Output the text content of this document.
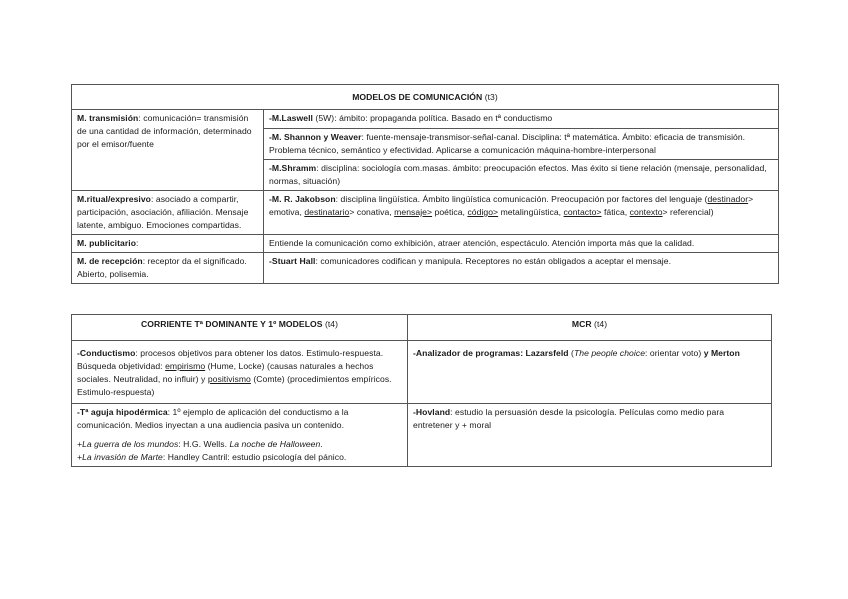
MODELOS DE COMUNICACIÓN (t3)	
M. transmisión: comunicación= transmisión de una cantidad de información, determinado por el emisor/fuente	-M.Laswell (5W): ámbito: propaganda política. Basado en tª conductismo
	-M. Shannon y Weaver: fuente-mensaje-transmisor-señal-canal. Disciplina: tª matemática. Ámbito: eficacia de transmisión. Problema técnico, semántico y efectividad. Aplicarse a comunicación máquina-hombre-interpersonal
	-M.Shramm: disciplina: sociología com.masas. ámbito: preocupación efectos. Mas éxito si tiene relación (mensaje, personalidad, normas, situación)
M.ritual/expresivo: asociado a compartir, participación, asociación, afiliación. Mensaje latente, ambiguo. Emociones compartidas.	-M. R. Jakobson: disciplina lingüística. Ámbito lingüística comunicación. Preocupación por factores del lenguaje (destinador> emotiva, destinatario> conativa, mensaje> poética, código> metalingüística, contacto> fática, contexto> referencial)
M. publicitario:	Entiende la comunicación como exhibición, atraer atención, espectáculo. Atención importa más que la calidad.
M. de recepción: receptor da el significado. Abierto, polisemia.	-Stuart Hall: comunicadores codifican y manipula. Receptores no están obligados a aceptar el mensaje.
CORRIENTE Tª DOMINANTE Y 1º MODELOS (t4)	MCR (t4)
-Conductismo: procesos objetivos para obtener los datos. Estimulo-respuesta. Búsqueda objetividad: empirismo (Hume, Locke) (causas naturales a hechos sociales. Neutralidad, no influir) y positivismo (Comte) (procedimientos empíricos. Estimulo-respuesta)	-Analizador de programas: Lazarsfeld (The people choice: orientar voto) y Merton

-Tª aguja hipodérmica: 1º ejemplo de aplicación del conductismo a la comunicación. Medios inyectan a una audiencia pasiva un contenido.

+La guerra de los mundos: H.G. Wells. La noche de Halloween.

+La invasión de Marte: Handley Cantril: estudio psicología del pánico.	-Hovland: estudio la persuasión desde la psicología. Películas como medio para entretener y + moral
